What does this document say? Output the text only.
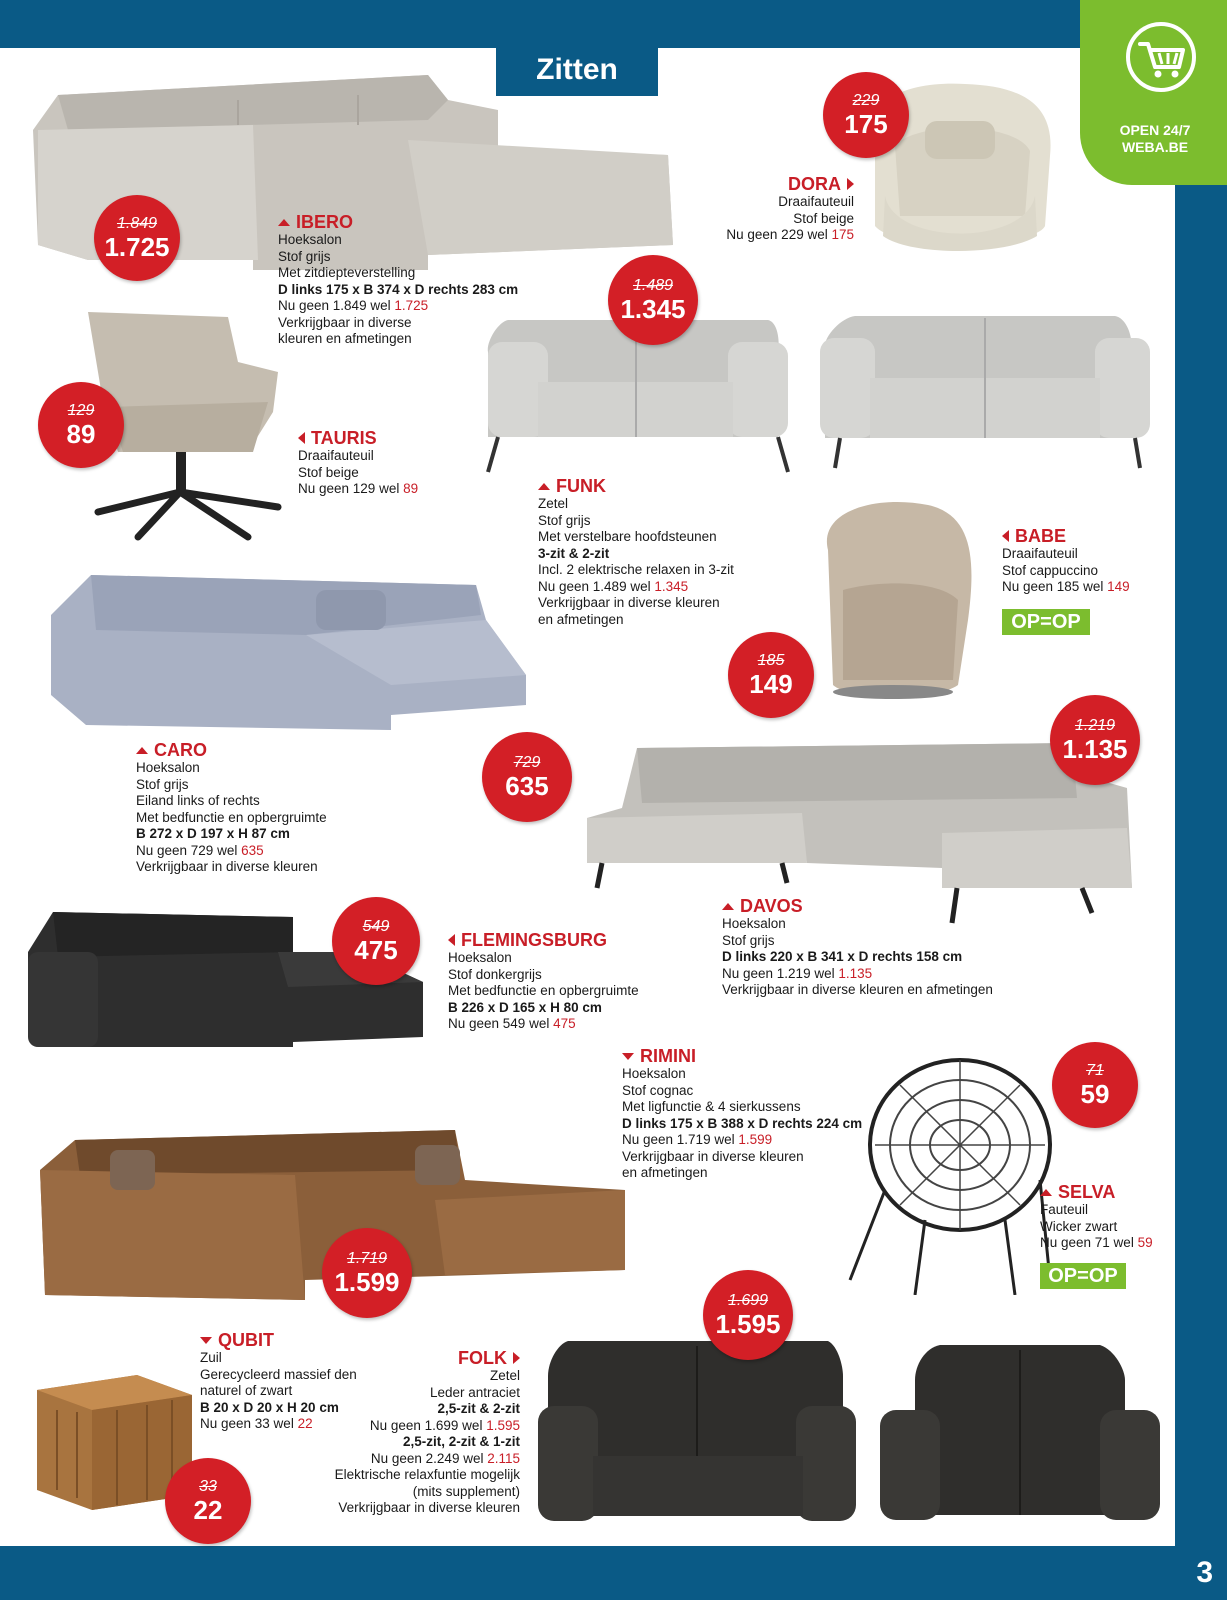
3
Zitten
OPEN 24/7
WEBA.BE
1.849
1.725
229
175
1.489
1.345
129
89
185
149
1.219
1.135
729
635
549
475
71
59
1.719
1.599
1.699
1.595
33
22
OP=OP
OP=OP
IBERO
Hoeksalon
Stof grijs
Met zitdiepteverstelling
D links 175 x B 374 x D rechts 283 cm
Nu geen 1.849 wel 1.725
Verkrijgbaar in diverse
kleuren en afmetingen
DORA
Draaifauteuil
Stof beige
Nu geen 229 wel 175
TAURIS
Draaifauteuil
Stof beige
Nu geen 129 wel 89	FUNK
Zetel
Stof grijs
Met verstelbare hoofdsteunen
3-zit & 2-zit
Incl. 2 elektrische relaxen in 3-zit
Nu geen 1.489 wel 1.345
Verkrijgbaar in diverse kleuren
en afmetingen
BABE
Draaifauteuil
Stof cappuccino
Nu geen 185 wel 149
CARO
Hoeksalon
Stof grijs
Eiland links of rechts
Met bedfunctie en opbergruimte
B 272 x D 197 x H 87 cm
Nu geen 729 wel 635
Verkrijgbaar in diverse kleuren
DAVOS
Hoeksalon
Stof grijs
D links 220 x B 341 x D rechts 158 cm
Nu geen 1.219 wel 1.135
Verkrijgbaar in diverse kleuren en afmetingen
FLEMINGSBURG
Hoeksalon
Stof donkergrijs
Met bedfunctie en opbergruimte
B 226 x D 165 x H 80 cm
Nu geen 549 wel 475
RIMINI
Hoeksalon
Stof cognac
Met ligfunctie & 4 sierkussens
D links 175 x B 388 x D rechts 224 cm
Nu geen 1.719 wel 1.599
Verkrijgbaar in diverse kleuren
en afmetingen
SELVA
Fauteuil
Wicker zwart
Nu geen 71 wel 59
QUBIT
Zuil
Gerecycleerd massief den
naturel of zwart
B 20 x D 20 x H 20 cm
Nu geen 33 wel 22
FOLK
Zetel
Leder antraciet
2,5-zit & 2-zit
Nu geen 1.699 wel 1.595
2,5-zit, 2-zit & 1-zit
Nu geen 2.249 wel 2.115
Elektrische relaxfuntie mogelijk
(mits supplement)
Verkrijgbaar in diverse kleuren
